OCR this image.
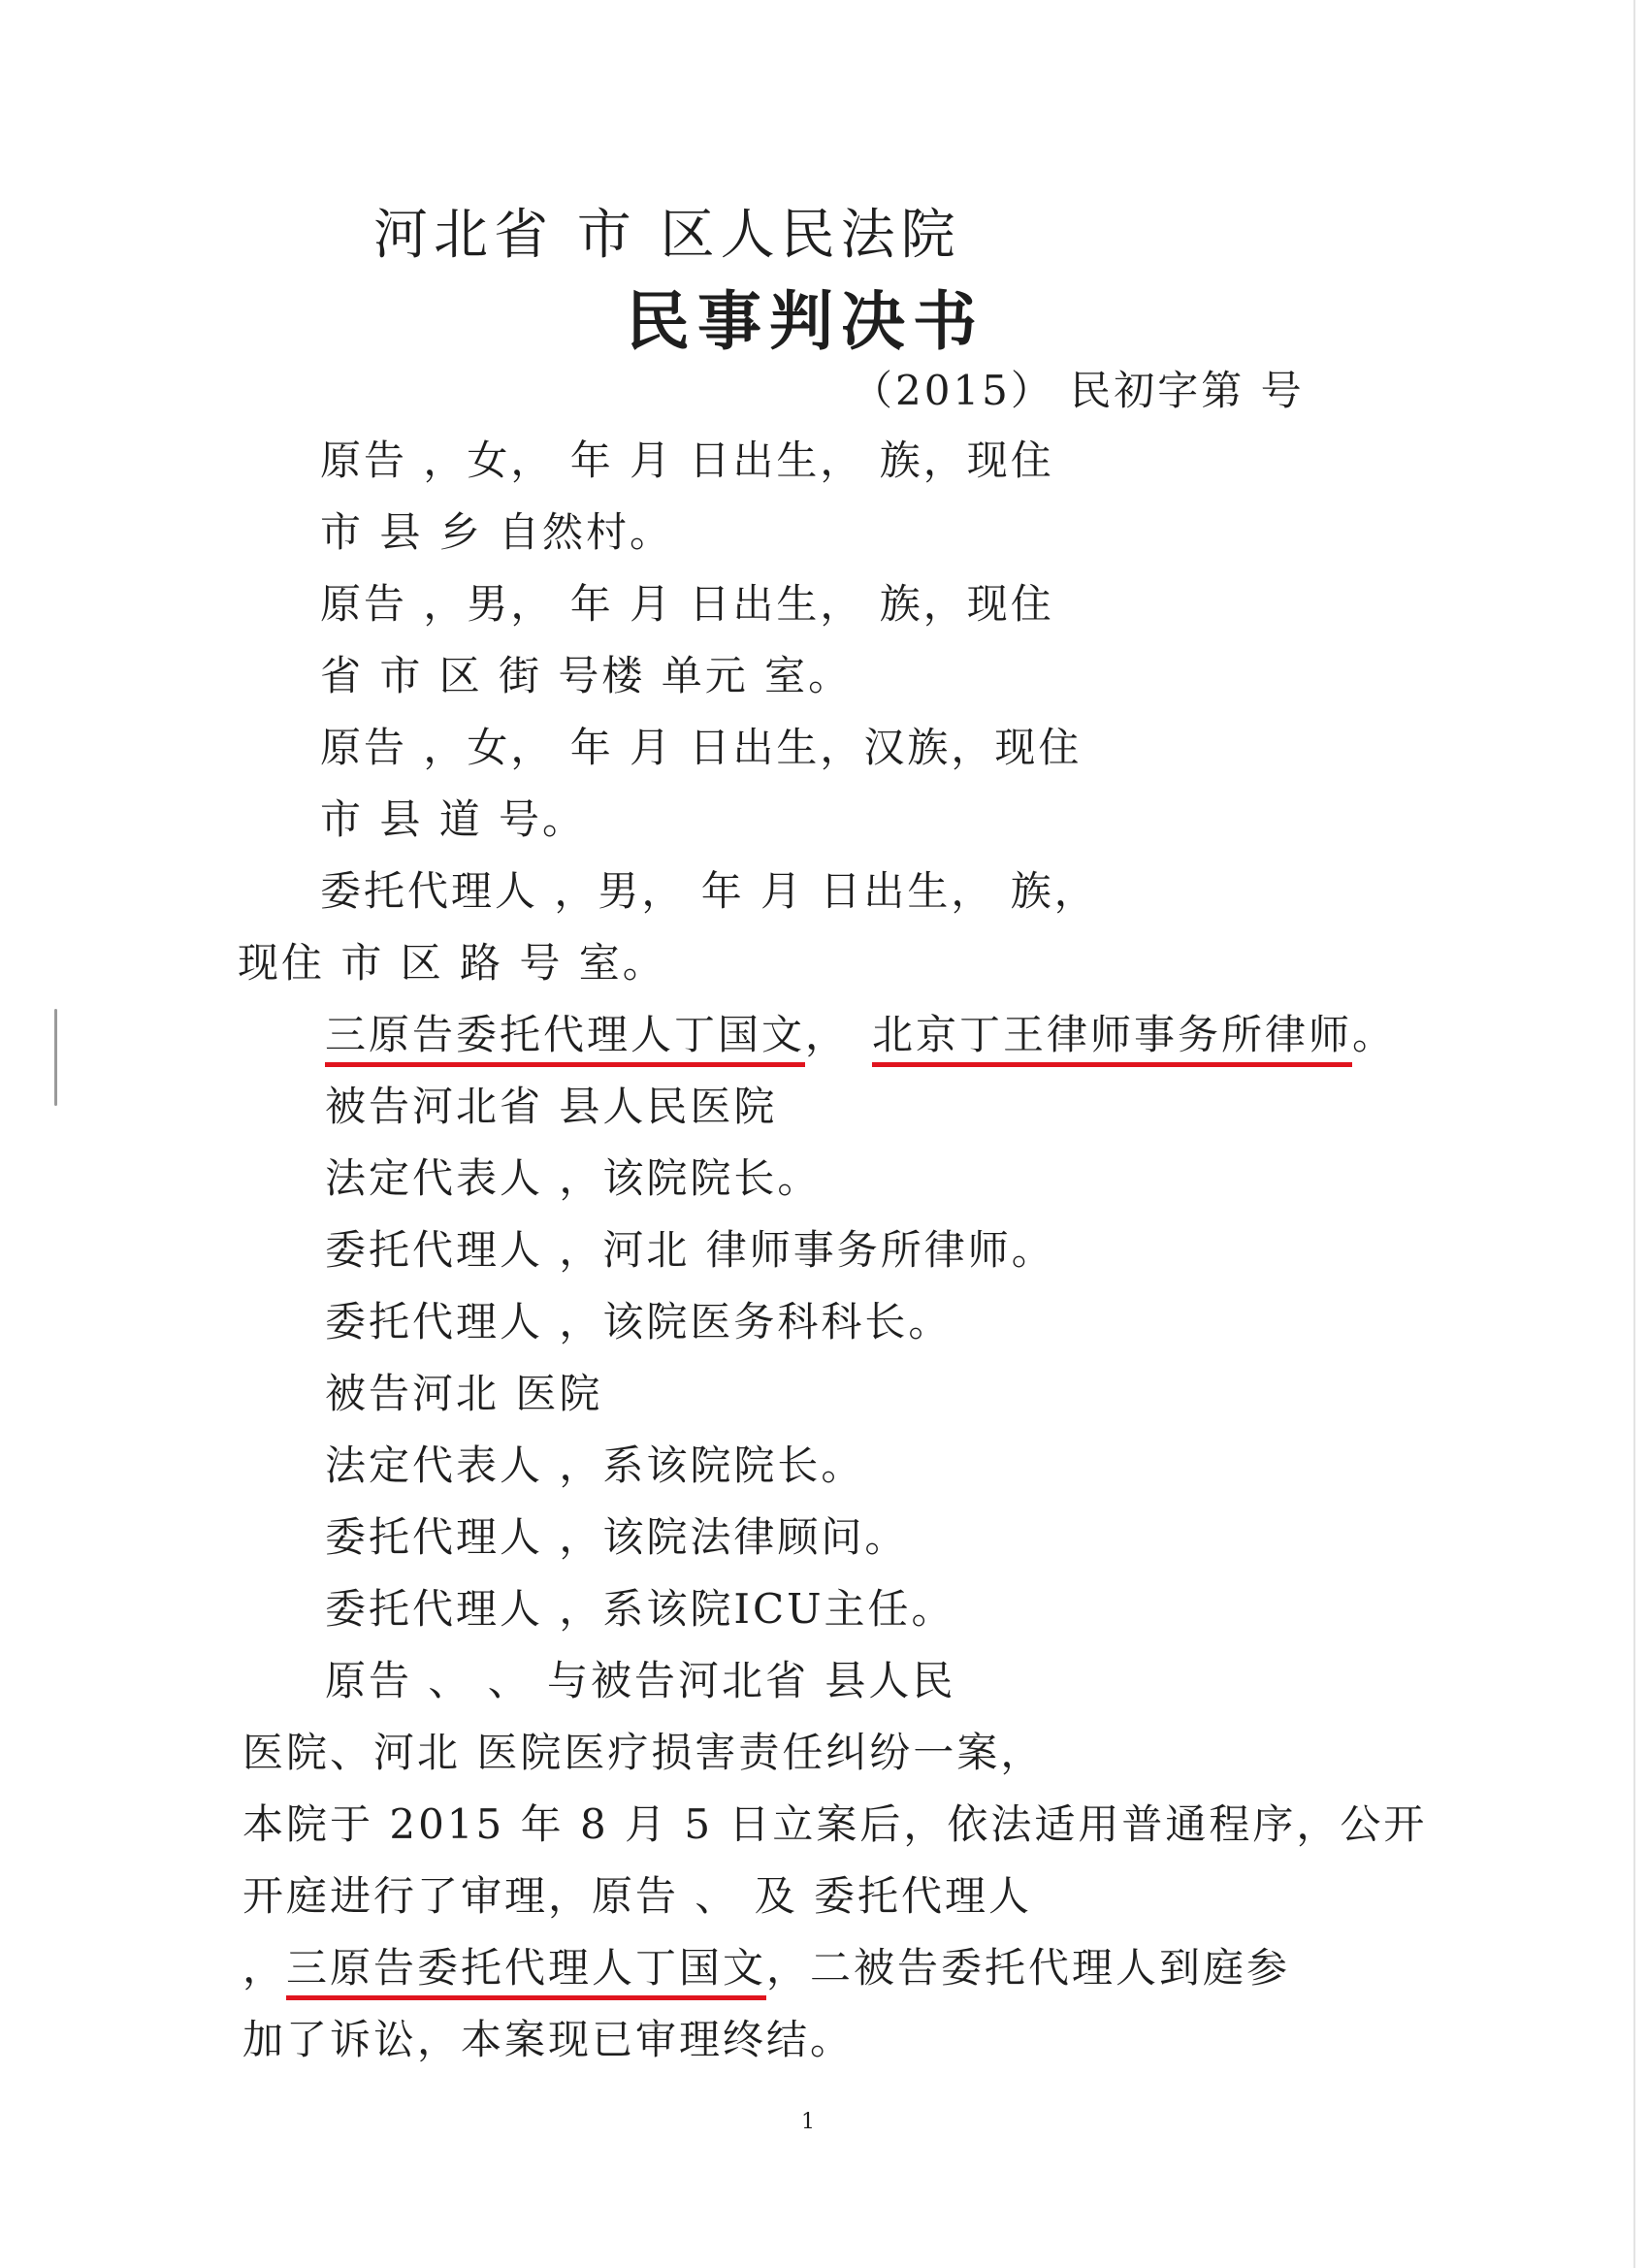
河北省 市 区人民法院
民事判决书
（2015） 民初字第 号
原告 ，女， 年 月 日出生， 族，现住
市 县 乡 自然村。
原告 ，男， 年 月 日出生， 族，现住
省 市 区 街 号楼 单元 室。
原告 ，女， 年 月 日出生，汉族，现住
市 县 道 号。
委托代理人 ，男， 年 月 日出生， 族，
现住 市 区 路 号 室。
三原告委托代理人丁国文， 北京丁王律师事务所律师。
被告河北省 县人民医院
法定代表人 ，该院院长。
委托代理人 ，河北 律师事务所律师。
委托代理人 ，该院医务科科长。
被告河北 医院
法定代表人 ，系该院院长。
委托代理人 ，该院法律顾问。
委托代理人 ，系该院ICU主任。
原告 、 、 与被告河北省 县人民
医院、河北 医院医疗损害责任纠纷一案，
本院于 2015 年 8 月 5 日立案后，依法适用普通程序，公开
开庭进行了审理，原告 、 及 委托代理人
，三原告委托代理人丁国文，二被告委托代理人到庭参
加了诉讼，本案现已审理终结。
1
